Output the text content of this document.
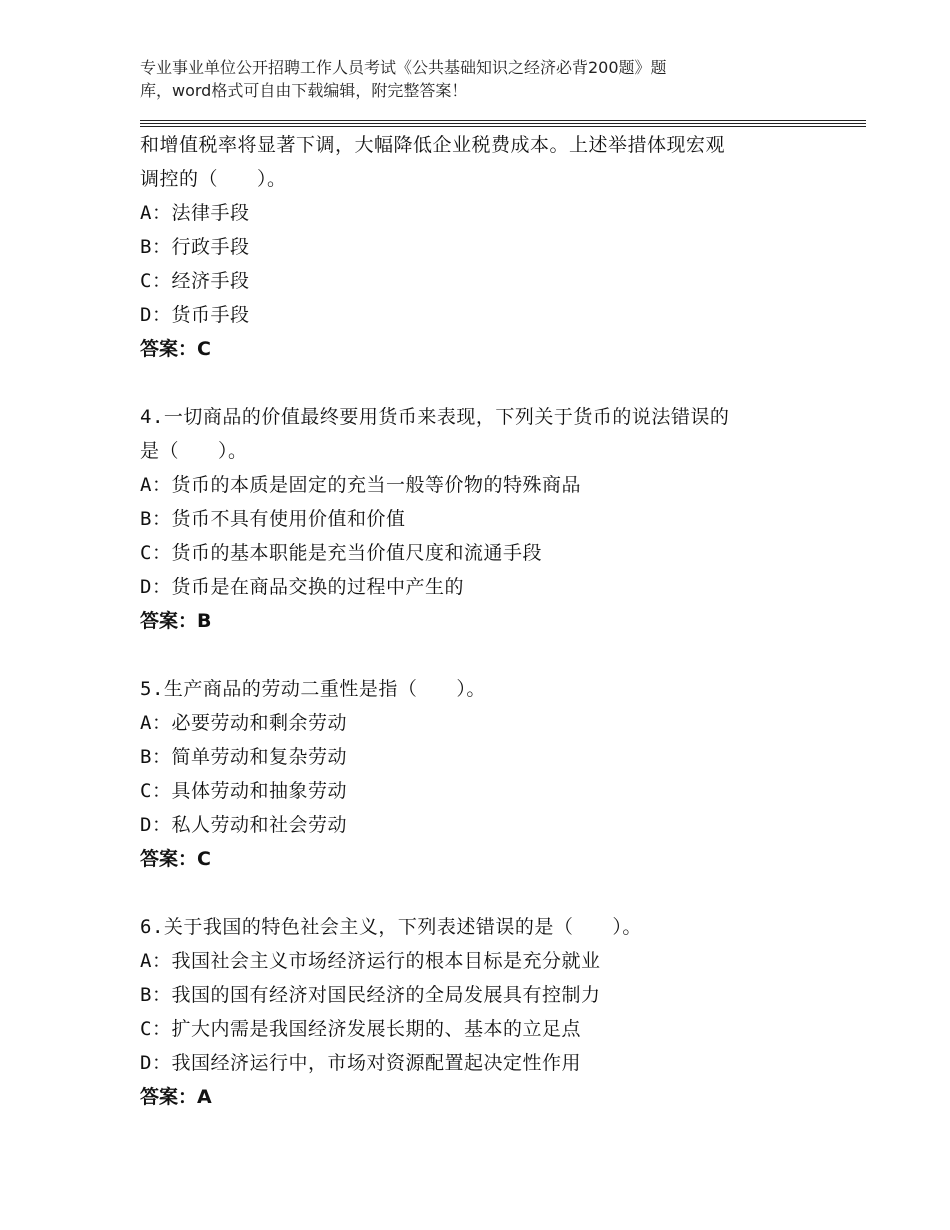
专业事业单位公开招聘工作人员考试《公共基础知识之经济必背200题》题
库，word格式可自由下载编辑，附完整答案！
和增值税率将显著下调，大幅降低企业税费成本。上述举措体现宏观
调控的（　　）。
A：法律手段
B：行政手段
C：经济手段
D：货币手段
答案：C
4.一切商品的价值最终要用货币来表现，下列关于货币的说法错误的
是（　　）。
A：货币的本质是固定的充当一般等价物的特殊商品
B：货币不具有使用价值和价值
C：货币的基本职能是充当价值尺度和流通手段
D：货币是在商品交换的过程中产生的
答案：B
5.生产商品的劳动二重性是指（　　）。
A：必要劳动和剩余劳动
B：简单劳动和复杂劳动
C：具体劳动和抽象劳动
D：私人劳动和社会劳动
答案：C
6.关于我国的特色社会主义，下列表述错误的是（　　）。
A：我国社会主义市场经济运行的根本目标是充分就业
B：我国的国有经济对国民经济的全局发展具有控制力
C：扩大内需是我国经济发展长期的、基本的立足点
D：我国经济运行中，市场对资源配置起决定性作用
答案：A
